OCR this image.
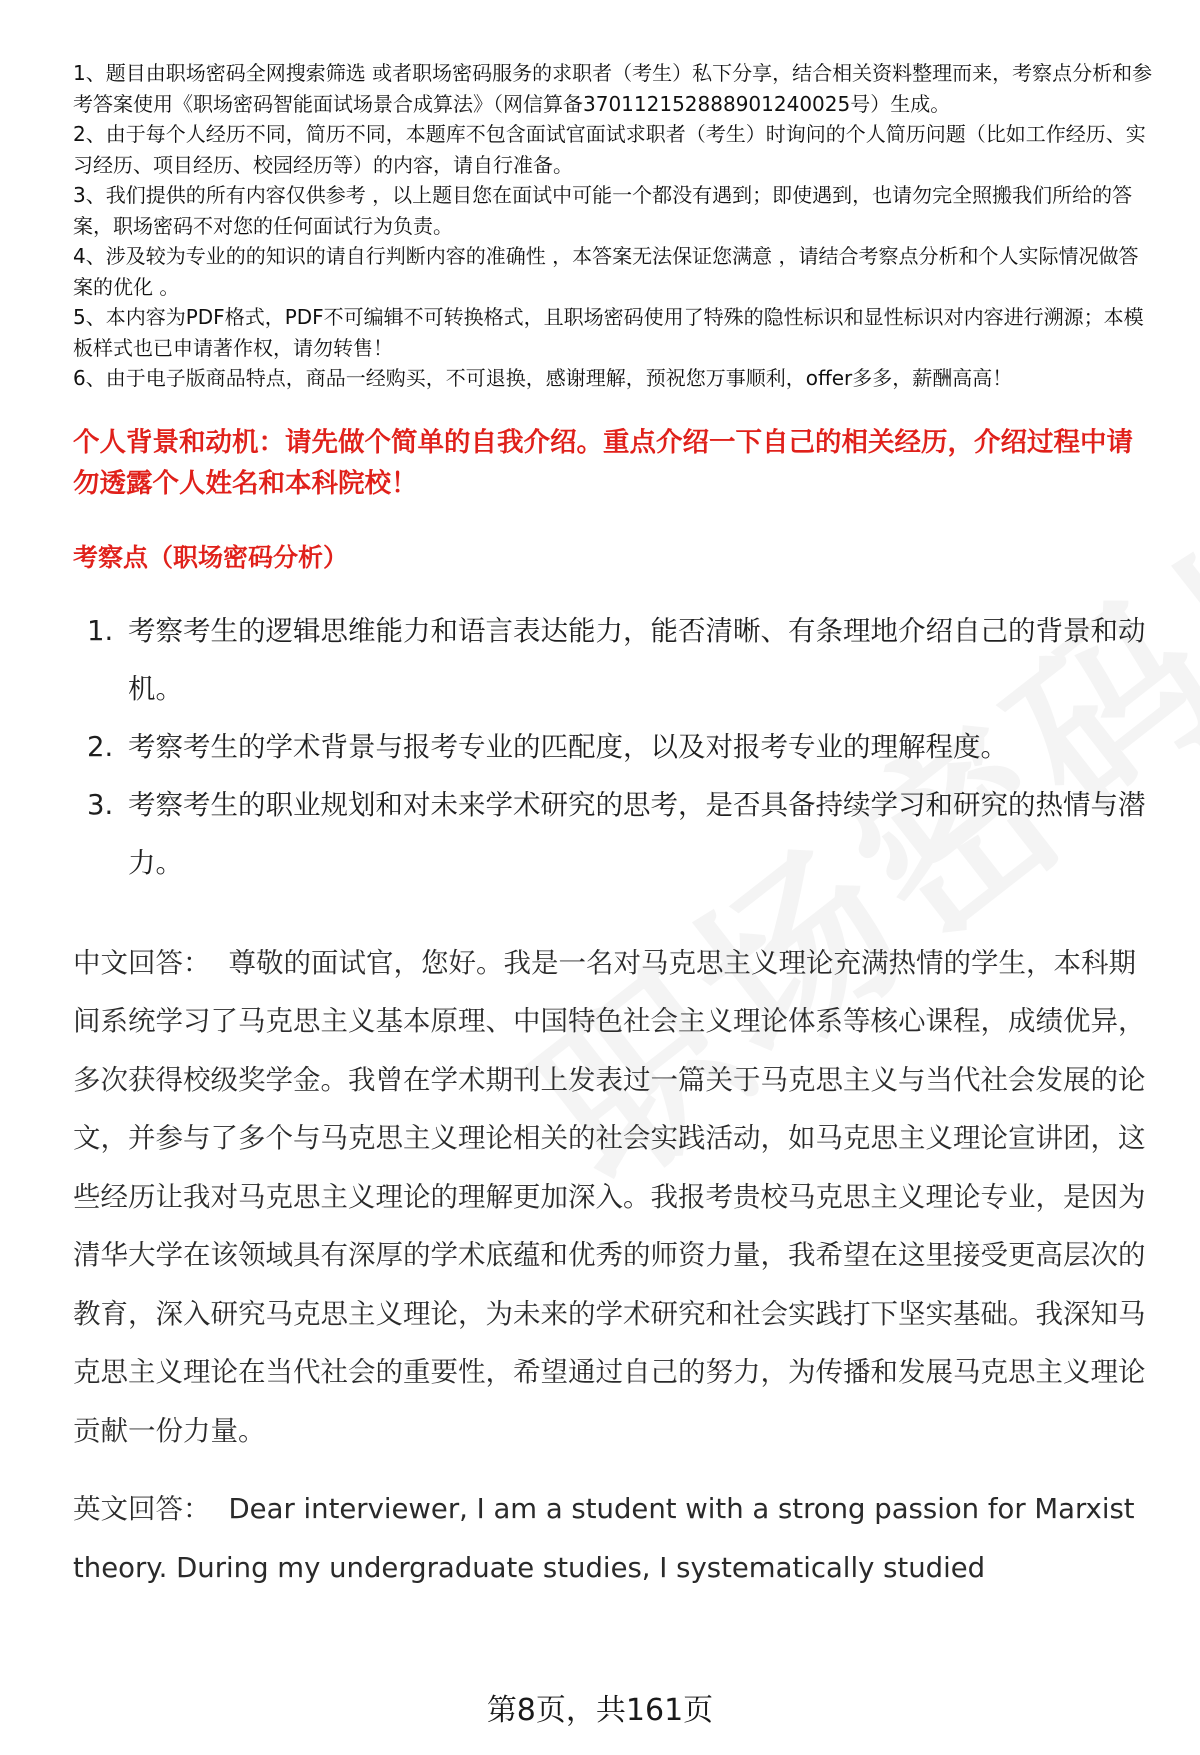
1、题目由职场密码全网搜索筛选 或者职场密码服务的求职者（考生）私下分享，结合相关资料整理而来，考察点分析和参考答案使用《职场密码智能面试场景合成算法》（网信算备370112152888901240025号）生成。

2、由于每个人经历不同，简历不同，本题库不包含面试官面试求职者（考生）时询问的个人简历问题（比如工作经历、实习经历、项目经历、校园经历等）的内容，请自行准备。

3、我们提供的所有内容仅供参考 ，以上题目您在面试中可能一个都没有遇到；即使遇到，也请勿完全照搬我们所给的答案，职场密码不对您的任何面试行为负责。

4、涉及较为专业的的知识的请自行判断内容的准确性 ，本答案无法保证您满意 ，请结合考察点分析和个人实际情况做答案的优化 。

5、本内容为PDF格式，PDF不可编辑不可转换格式，且职场密码使用了特殊的隐性标识和显性标识对内容进行溯源；本模板样式也已申请著作权，请勿转售！

6、由于电子版商品特点，商品一经购买，不可退换，感谢理解，预祝您万事顺利，offer多多，薪酬高高！

个人背景和动机：请先做个简单的自我介绍。重点介绍一下自己的相关经历，介绍过程中请勿透露个人姓名和本科院校！
考察点（职场密码分析）
1. 考察考生的逻辑思维能力和语言表达能力，能否清晰、有条理地介绍自己的背景和动机。
2. 考察考生的学术背景与报考专业的匹配度，以及对报考专业的理解程度。
3. 考察考生的职业规划和对未来学术研究的思考，是否具备持续学习和研究的热情与潜力。
中文回答： 尊敬的面试官，您好。我是一名对马克思主义理论充满热情的学生，本科期间系统学习了马克思主义基本原理、中国特色社会主义理论体系等核心课程，成绩优异，多次获得校级奖学金。我曾在学术期刊上发表过一篇关于马克思主义与当代社会发展的论文，并参与了多个与马克思主义理论相关的社会实践活动，如马克思主义理论宣讲团，这些经历让我对马克思主义理论的理解更加深入。我报考贵校马克思主义理论专业，是因为清华大学在该领域具有深厚的学术底蕴和优秀的师资力量，我希望在这里接受更高层次的教育，深入研究马克思主义理论，为未来的学术研究和社会实践打下坚实基础。我深知马克思主义理论在当代社会的重要性，希望通过自己的努力，为传播和发展马克思主义理论贡献一份力量。
英文回答： Dear interviewer, I am a student with a strong passion for Marxist theory. During my undergraduate studies, I systematically studied
第8页，共161页
